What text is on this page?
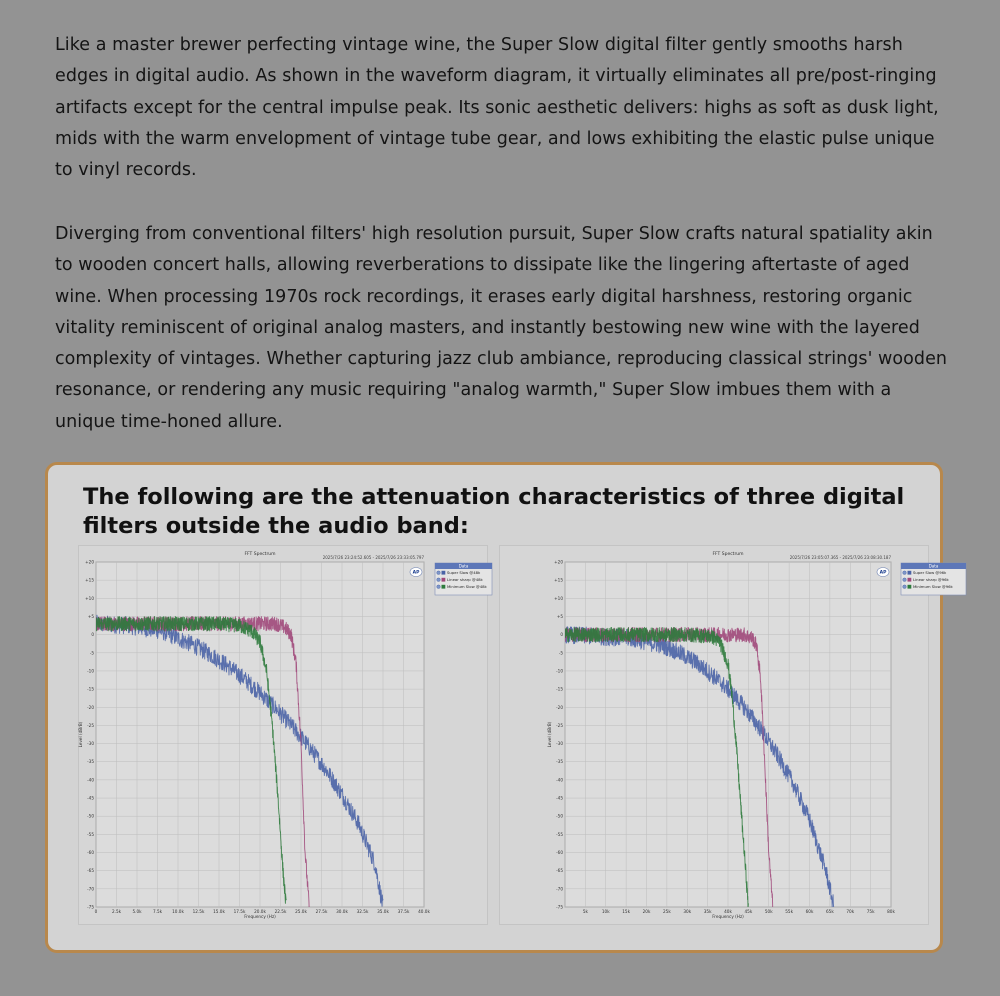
Like a master brewer perfecting vintage wine, the Super Slow digital filter gently smooths harsh edges in digital audio. As shown in the waveform diagram, it virtually eliminates all pre/post-ringing artifacts except for the central impulse peak. Its sonic aesthetic delivers: highs as soft as dusk light, mids with the warm envelopment of vintage tube gear, and lows exhibiting the elastic pulse unique to vinyl records.
Diverging from conventional filters' high resolution pursuit, Super Slow crafts natural spatiality akin to wooden concert halls, allowing reverberations to dissipate like the lingering aftertaste of aged wine. When processing 1970s rock recordings, it erases early digital harshness, restoring organic vitality reminiscent of original analog masters, and instantly bestowing new wine with the layered complexity of vintages. Whether capturing jazz club ambiance, reproducing classical strings' wooden resonance, or rendering any music requiring "analog warmth," Super Slow imbues them with a unique time-honed allure.
The following are the attenuation characteristics of three digital filters outside the audio band:
FFT Spectrum
2025/7/26 23:24:52.605 - 2025/7/26 23:33:05.797
AP
+20
+15
+10
+5
0
-5
-10
-15
-20
-25
-30
-35
-40
-45
-50
-55
-60
-65
-70
-75
0	2.5k	5.0k	7.5k 10.0k 12.5k 15.0k 17.5k 20.0k 22.5k 25.0k 27.5k 30.0k 32.5k 35.0k 37.5k 40.0k
Frequency (Hz)
Level (dBrB)
Data
Super Slow @48k
Linear sharp @48k
Minimum Slow @48k
FFT Spectrum
2025/7/26 23:05:07.365 - 2025/7/26 23:08:30.187
AP
+20
+15
+10
+5
0
-5
-10
-15
-20
-25
-30
-35
-40
-45
-50
-55
-60
-65
-70
-75
5k	10k	15k	20k	25k	30k	35k	40k	45k	50k	55k	60k	65k	70k	75k	80k
Frequency (Hz)
Level (dBrB)
Data
Super Slow @96k
Linear sharp @96k
Minimum Slow @96k
